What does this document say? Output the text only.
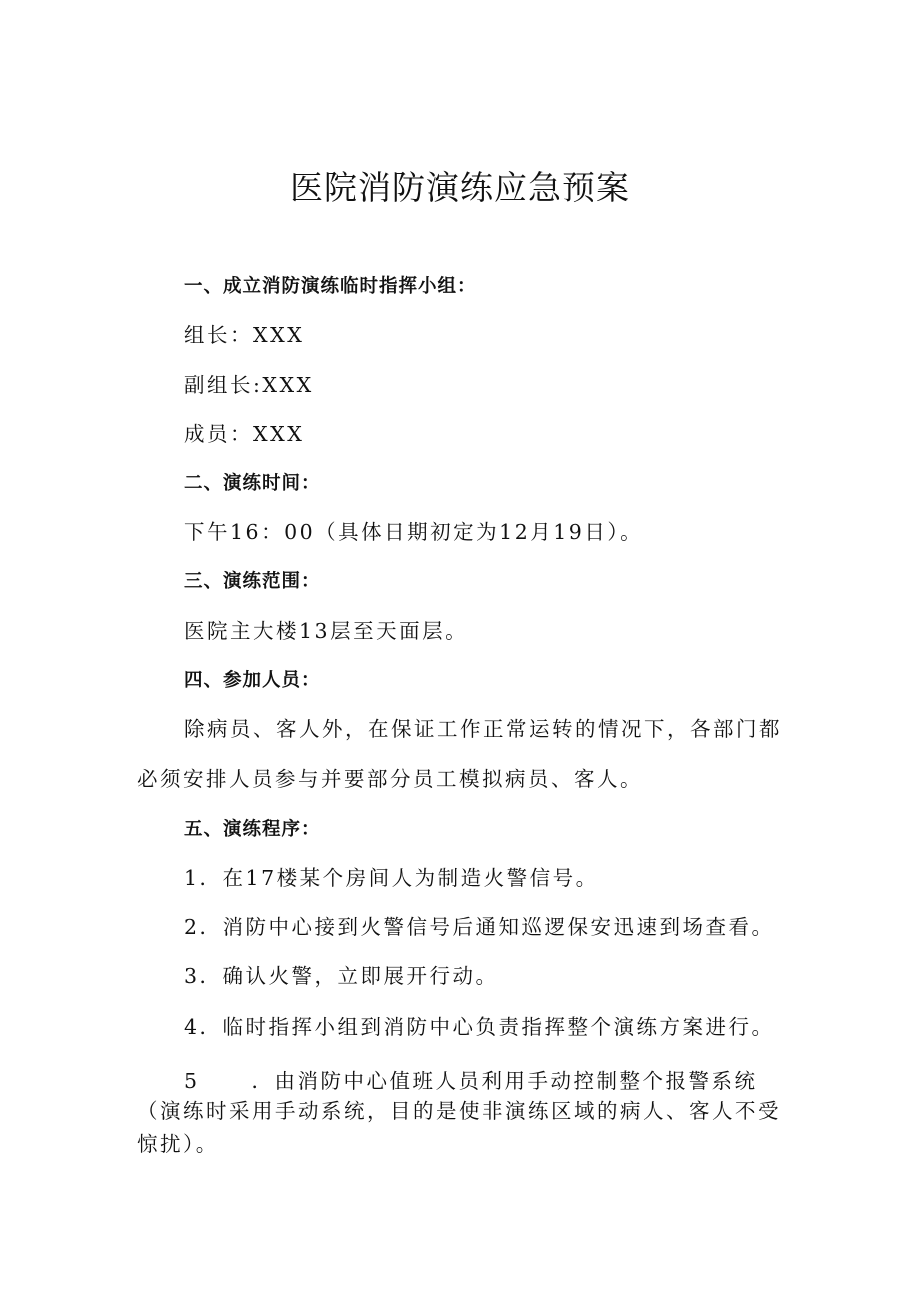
医院消防演练应急预案

一、成立消防演练临时指挥小组：

组长：XXX

副组长:XXX

成员：XXX

二、演练时间：

下午16：00（具体日期初定为12月19日）。

三、演练范围：

医院主大楼13层至天面层。

四、参加人员：

除病员、客人外，在保证工作正常运转的情况下，各部门都

必须安排人员参与并要部分员工模拟病员、客人。

五、演练程序：

1．在17楼某个房间人为制造火警信号。

2．消防中心接到火警信号后通知巡逻保安迅速到场查看。

3．确认火警，立即展开行动。

4．临时指挥小组到消防中心负责指挥整个演练方案进行。

5	．由消防中心值班人员利用手动控制整个报警系统

（演练时采用手动系统，目的是使非演练区域的病人、客人不受

惊扰）。
